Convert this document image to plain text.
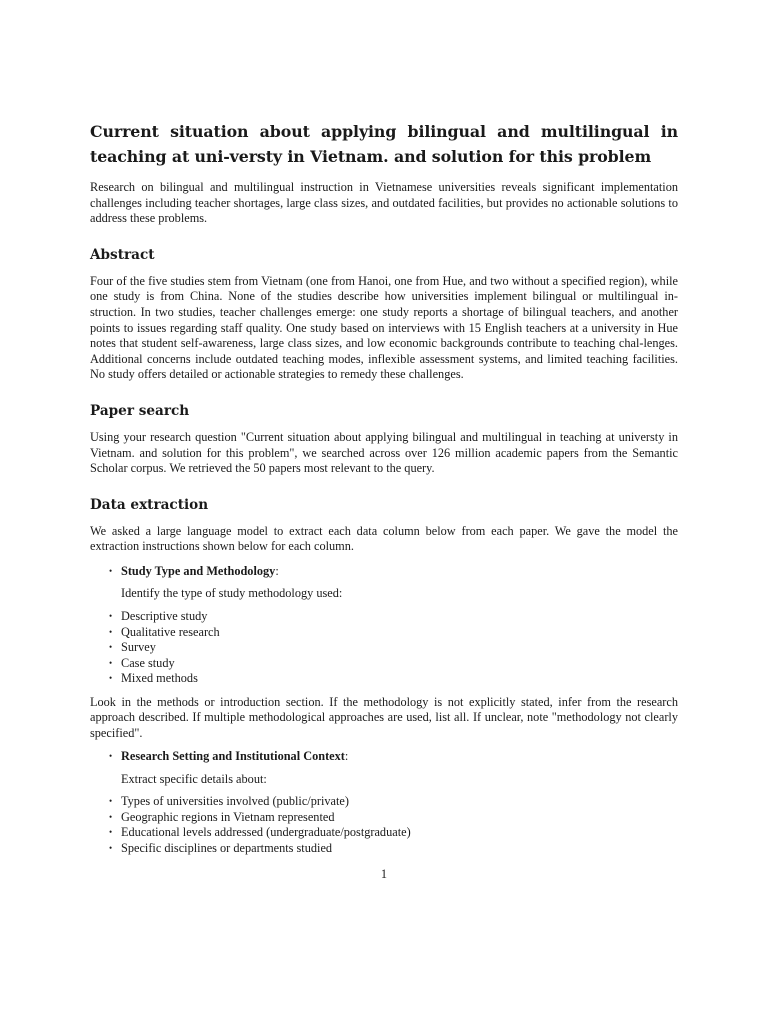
Current situation about applying bilingual and multilingual in teaching at uni-versty in Vietnam. and solution for this problem

Research on bilingual and multilingual instruction in Vietnamese universities reveals significant implementation challenges including teacher shortages, large class sizes, and outdated facilities, but provides no actionable solutions to address these problems.

Abstract

Four of the five studies stem from Vietnam (one from Hanoi, one from Hue, and two without a specified region), while one study is from China. None of the studies describe how universities implement bilingual or multilingual in-struction. In two studies, teacher challenges emerge: one study reports a shortage of bilingual teachers, and another points to issues regarding staff quality. One study based on interviews with 15 English teachers at a university in Hue notes that student self-awareness, large class sizes, and low economic backgrounds contribute to teaching chal-lenges. Additional concerns include outdated teaching modes, inflexible assessment systems, and limited teaching facilities. No study offers detailed or actionable strategies to remedy these challenges.

Paper search

Using your research question "Current situation about applying bilingual and multilingual in teaching at universty in Vietnam. and solution for this problem", we searched across over 126 million academic papers from the Semantic Scholar corpus. We retrieved the 50 papers most relevant to the query.

Data extraction

We asked a large language model to extract each data column below from each paper. We gave the model the extraction instructions shown below for each column.

• Study Type and Methodology:

Identify the type of study methodology used:

• Descriptive study
• Qualitative research
• Survey
• Case study
• Mixed methods

Look in the methods or introduction section. If the methodology is not explicitly stated, infer from the research approach described. If multiple methodological approaches are used, list all. If unclear, note "methodology not clearly specified".

• Research Setting and Institutional Context:

Extract specific details about:

• Types of universities involved (public/private)
• Geographic regions in Vietnam represented
• Educational levels addressed (undergraduate/postgraduate)
• Specific disciplines or departments studied
1
